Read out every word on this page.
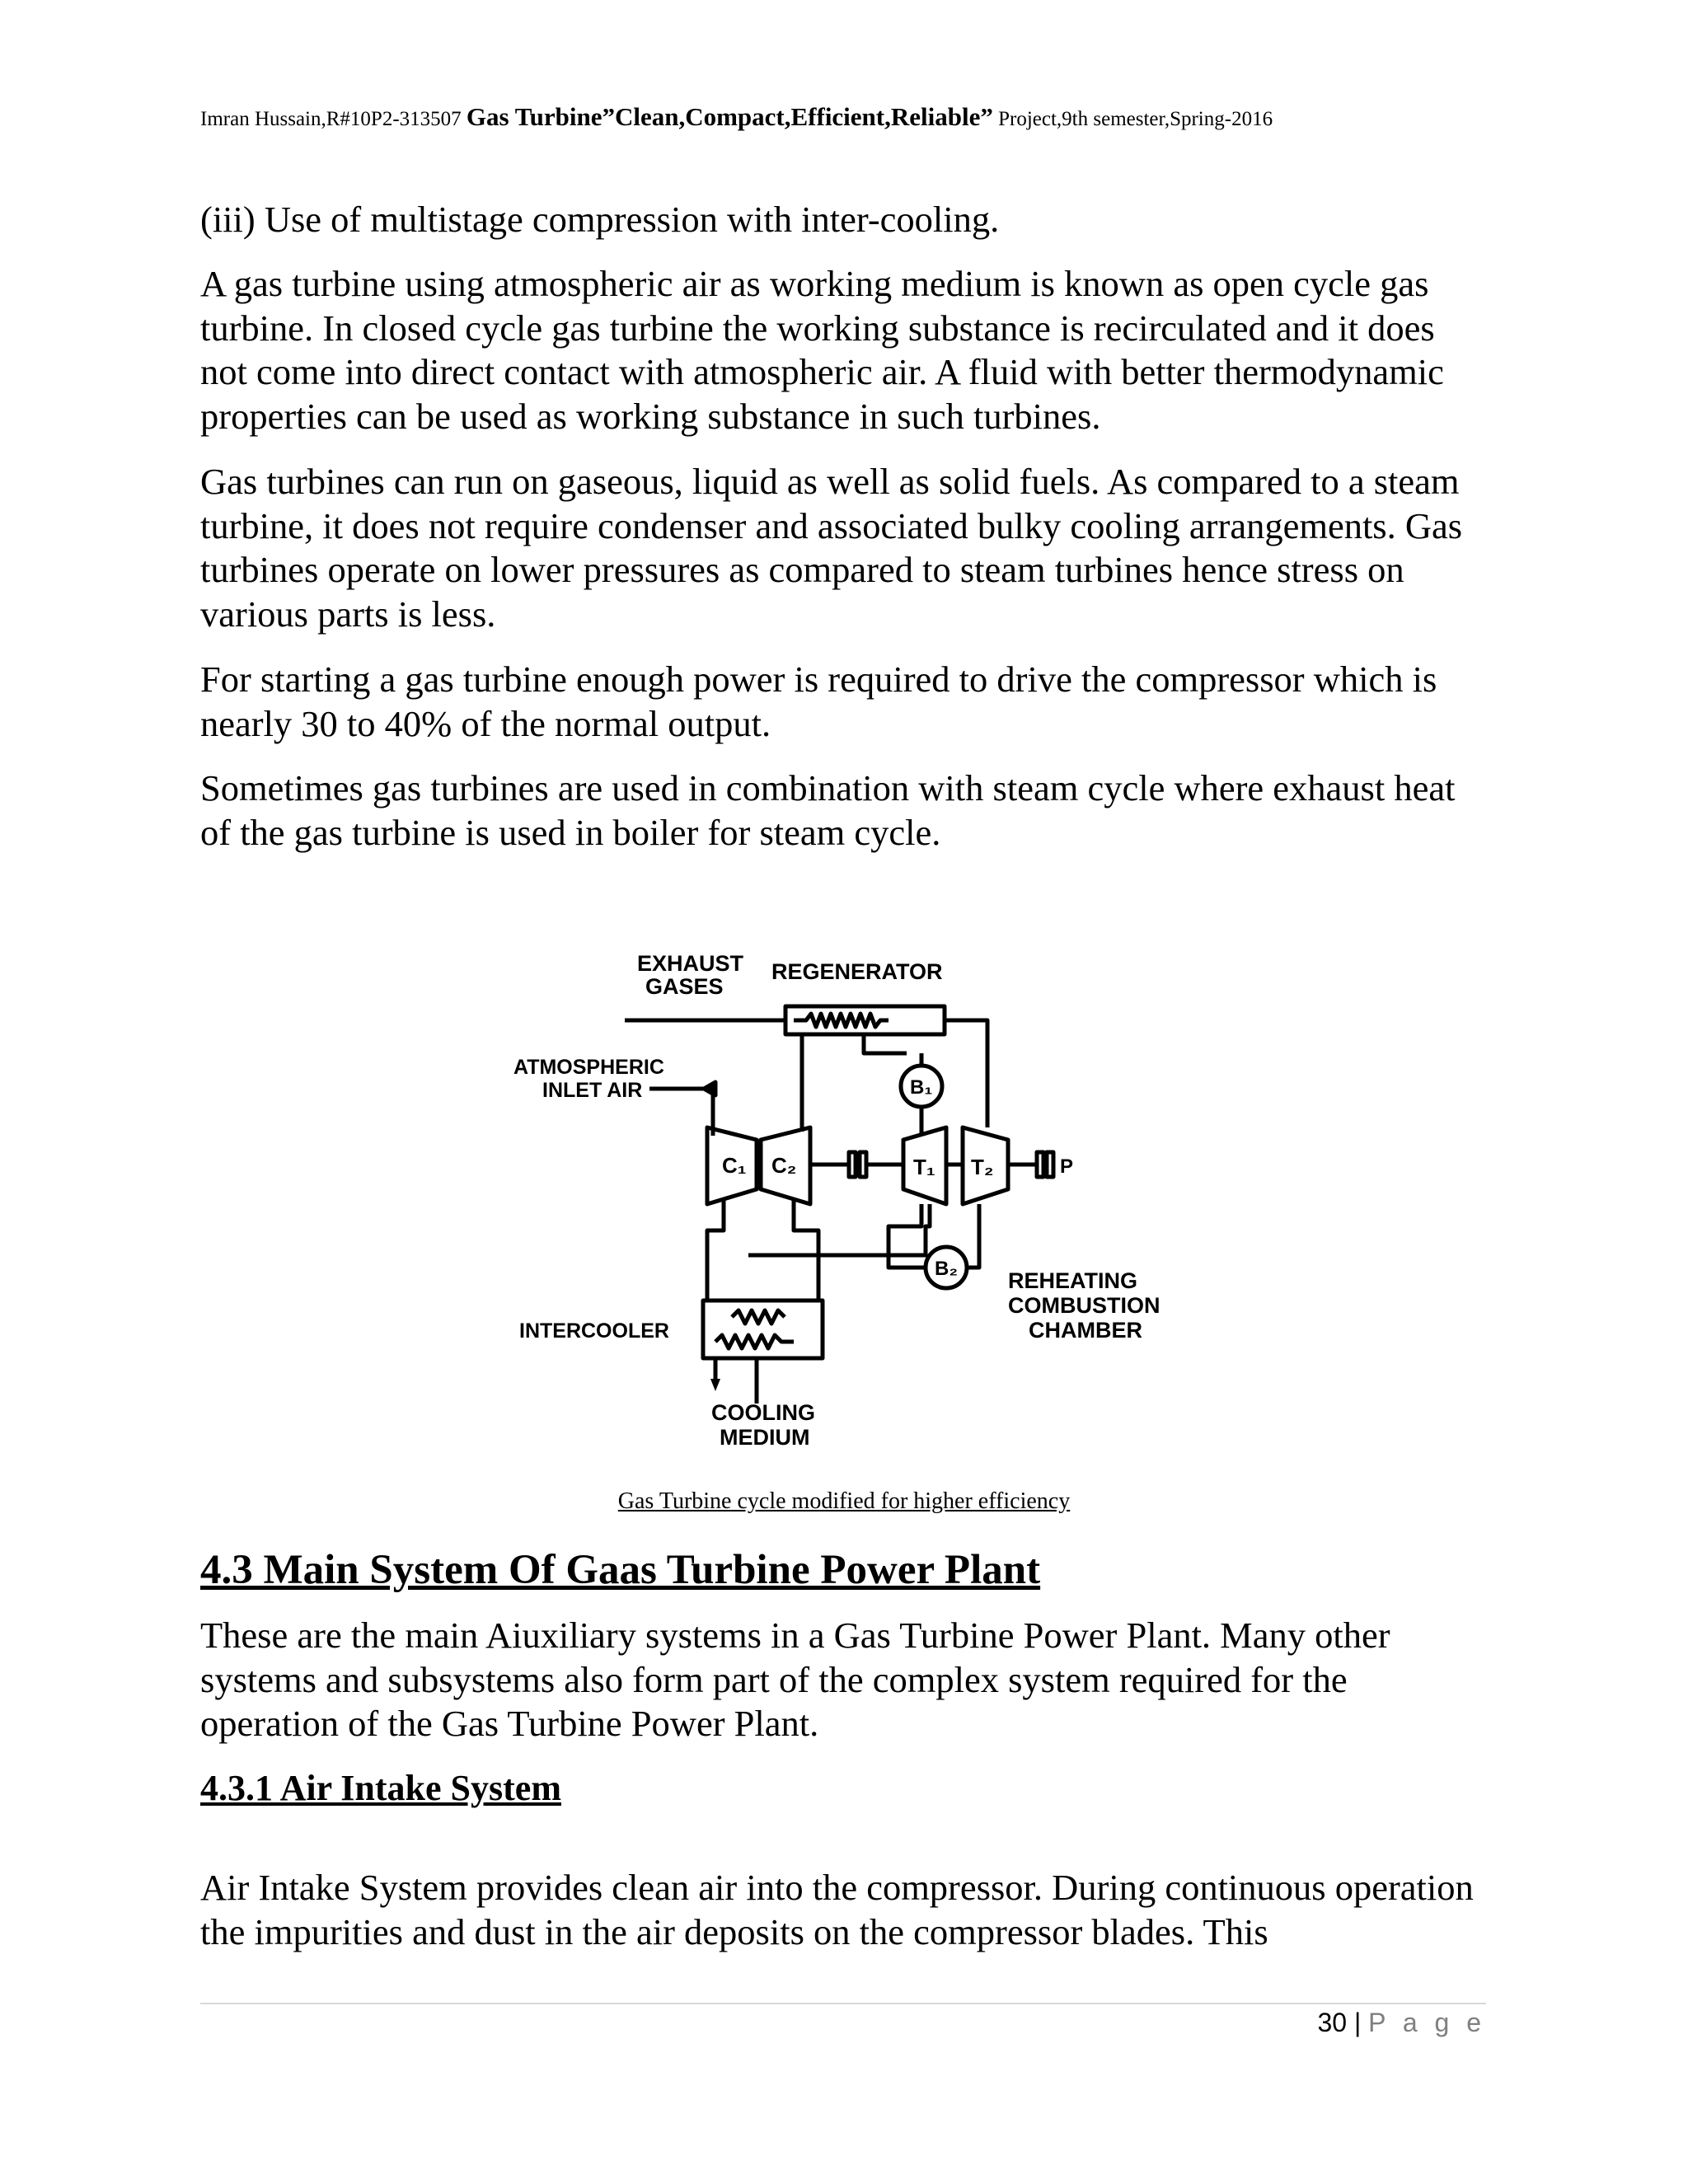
Imran Hussain,R#10P2-313507 Gas Turbine”Clean,Compact,Efficient,Reliable” Project,9th semester,Spring-2016

(iii) Use of multistage compression with inter-cooling.

A gas turbine using atmospheric air as working medium is known as open cycle gas turbine. In closed cycle gas turbine the working substance is recirculated and it does not come into direct contact with atmospheric air. A fluid with better thermodynamic properties can be used as working substance in such turbines.

Gas turbines can run on gaseous, liquid as well as solid fuels. As compared to a steam turbine, it does not require condenser and associated bulky cooling arrangements. Gas turbines operate on lower pressures as compared to steam turbines hence stress on various parts is less.

For starting a gas turbine enough power is required to drive the compressor which is nearly 30 to 40% of the normal output.

Sometimes gas turbines are used in combination with steam cycle where exhaust heat of the gas turbine is used in boiler for steam cycle.

EXHAUST
GASES
REGENERATOR
ATMOSPHERIC
INLET AIR
C₁ C₂	T₁ T₂
B₁
B₂
P
INTERCOOLER
REHEATING
COMBUSTION
CHAMBER
COOLING
MEDIUM
Gas Turbine cycle modified for higher efficiency
4.3 Main System Of Gaas Turbine Power Plant

These are the main Aiuxiliary systems in a Gas Turbine Power Plant. Many other systems and subsystems also form part of the complex system required for the operation of the Gas Turbine Power Plant.

4.3.1 Air Intake System

Air Intake System provides clean air into the compressor. During continuous operation the impurities and dust in the air deposits on the compressor blades. This

30 | P a g e
